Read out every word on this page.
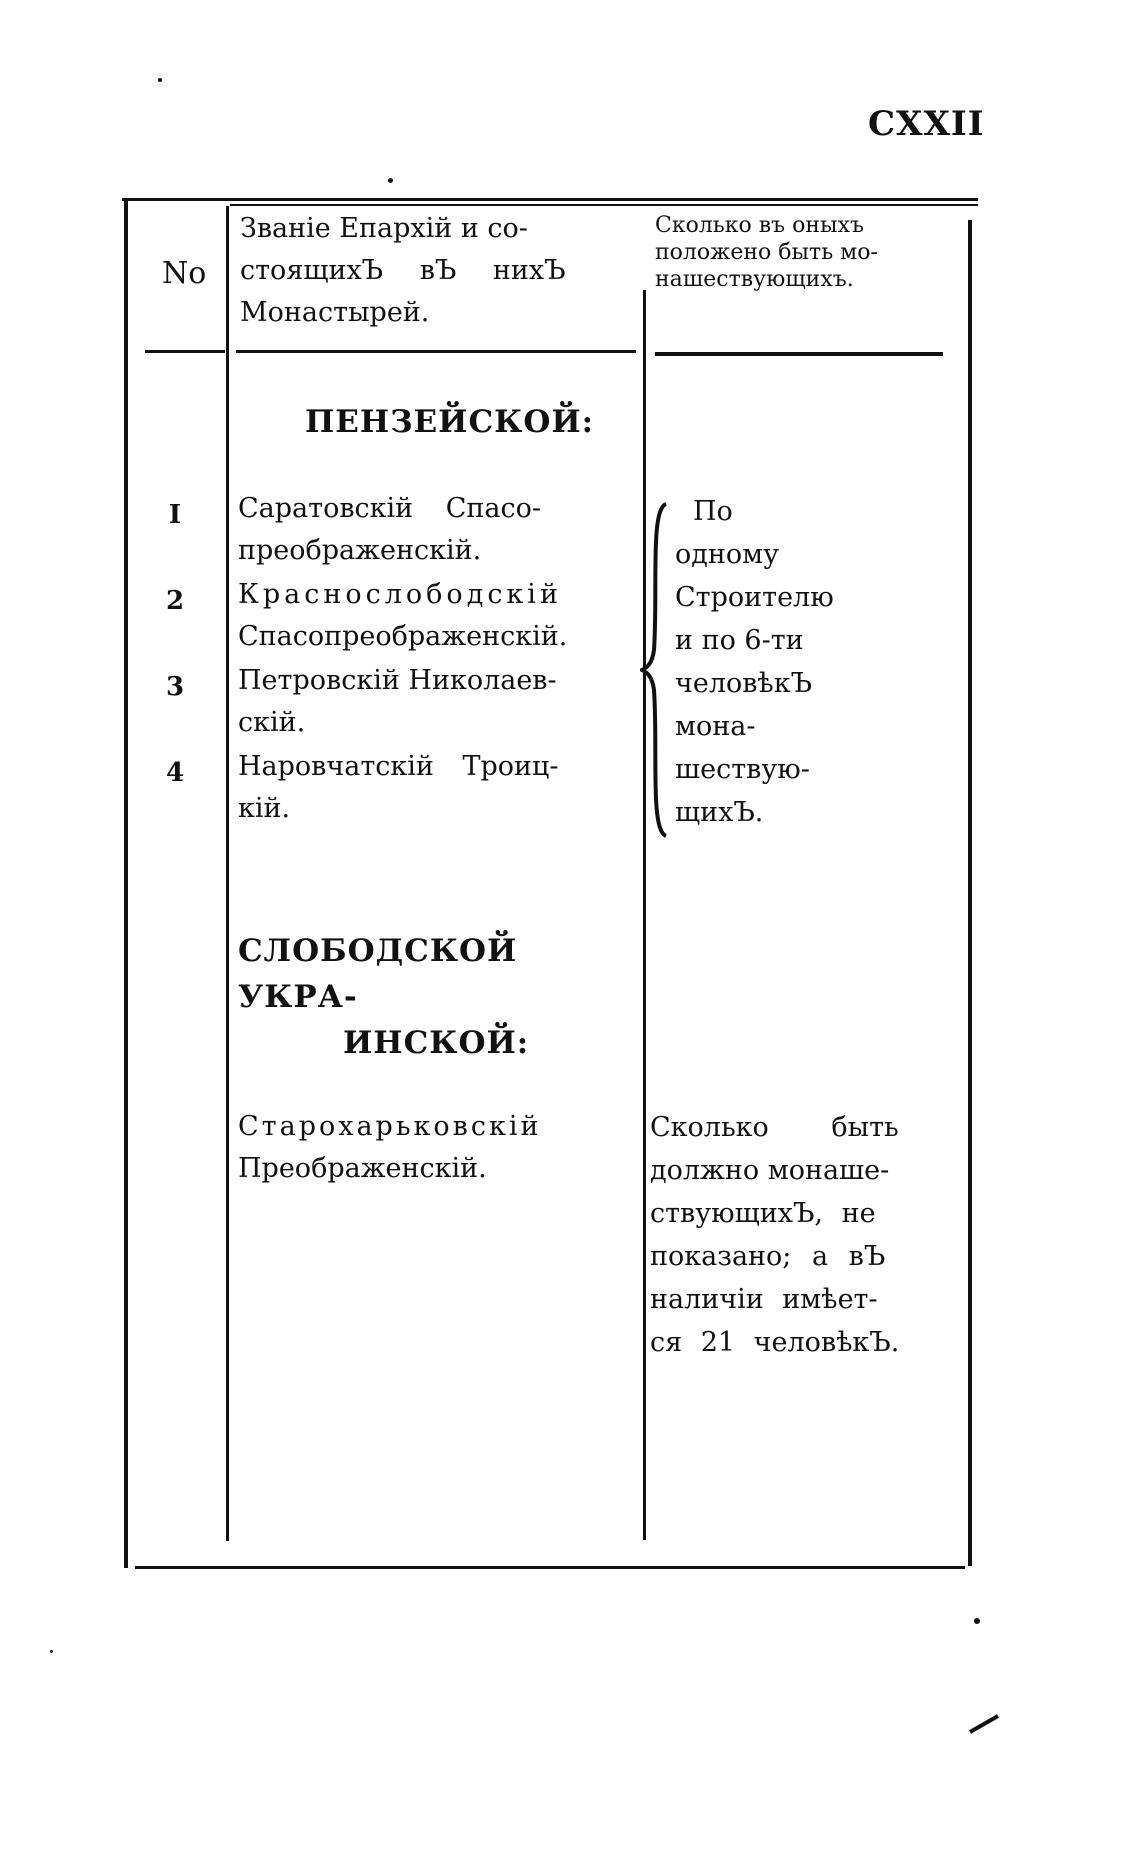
CXXII
No
Званіе Епархій и со-
стоящихЪ вЪ нихЪ
Монастырей.
Сколько въ оныхъ
положено быть мо-
нашествующихъ.
ПЕНЗЕЙСКОЙ:
I	Саратовскій Спасо-
преображенскій.
2 Краснослободскій
Спасопреображенскій.
3 Петровскій Николаев-
скій.
4 Наровчатскій Троиц-
кій.
По
одному
Строителю
и по 6-ти
человѣкЪ
мона-
шествую-
щихЪ.
СЛОБОДСКОЙ УКРА-
ИНСКОЙ:
Старохарьковскій
Преображенскій.
Сколько быть
должно монаше-
ствующихЪ, не
показано; а вЪ
наличіи имѣет-
ся 21 человѣкЪ.
